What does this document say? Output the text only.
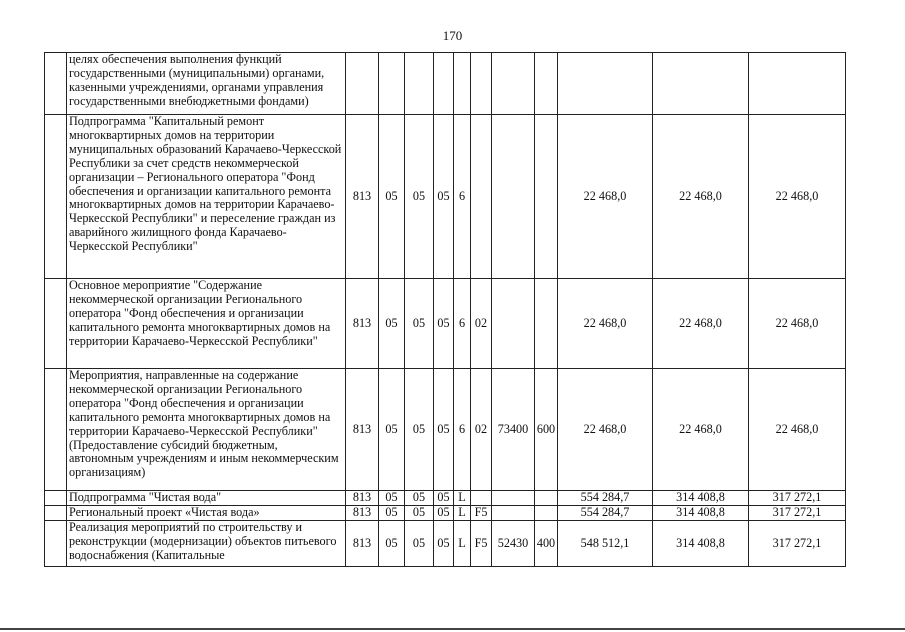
170
	целях обеспечения выполнения функций государственными (муниципальными) органами, казенными учреждениями, органами управления государственными внебюджетными фондами)											
	Подпрограмма "Капитальный ремонт многоквартирных домов на территории муниципальных образований Карачаево-Черкесской Республики за счет средств некоммерческой организации – Регионального оператора "Фонд обеспечения и организации капитального ремонта многоквартирных домов на территории Карачаево-Черкесской Республики" и переселение граждан из аварийного жилищного фонда Карачаево-Черкесской Республики"	813	05	05	05	6				22 468,0	22 468,0	22 468,0
	Основное мероприятие "Содержание некоммерческой организации Регионального оператора "Фонд обеспечения и организации капитального ремонта многоквартирных домов на территории Карачаево-Черкесской Республики"	813	05	05	05	6	02			22 468,0	22 468,0	22 468,0
	Мероприятия, направленные на содержание некоммерческой организации Регионального оператора "Фонд обеспечения и организации капитального ремонта многоквартирных домов на территории Карачаево-Черкесской Республики" (Предоставление субсидий бюджетным, автономным учреждениям и иным некоммерческим организациям)	813	05	05	05	6	02	73400	600	22 468,0	22 468,0	22 468,0
	Подпрограмма "Чистая вода"	813	05	05	05	L				554 284,7	314 408,8	317 272,1
	Региональный проект «Чистая вода»	813	05	05	05	L	F5			554 284,7	314 408,8	317 272,1
	Реализация мероприятий по строительству и реконструкции (модернизации) объектов питьевого водоснабжения (Капитальные	813	05	05	05	L	F5	52430	400	548 512,1	314 408,8	317 272,1
